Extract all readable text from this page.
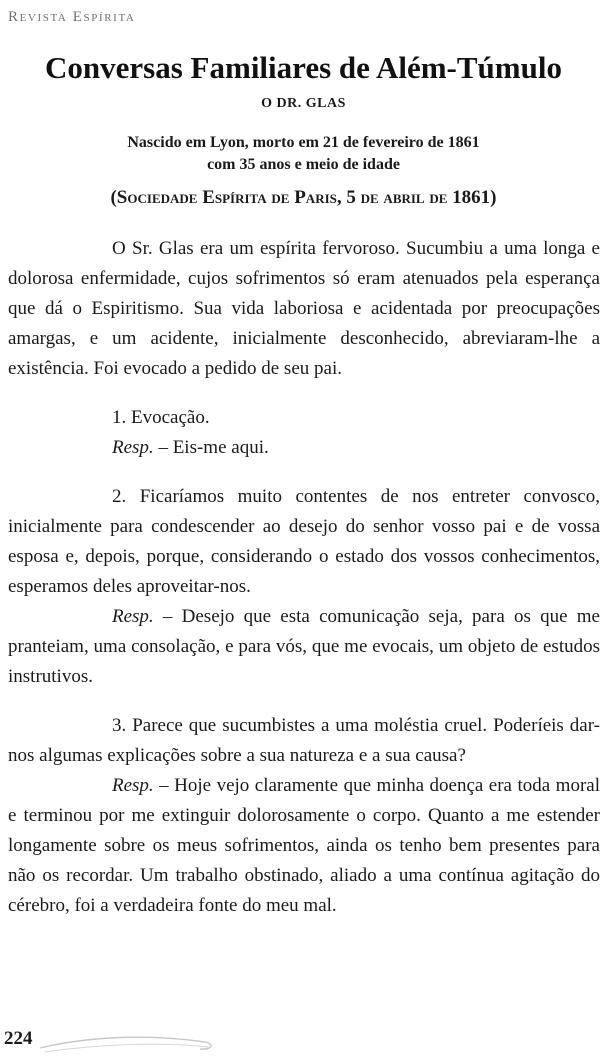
Revista Espírita
Conversas Familiares de Além-Túmulo
O DR. GLAS
Nascido em Lyon, morto em 21 de fevereiro de 1861
com 35 anos e meio de idade
(Sociedade Espírita de Paris, 5 de abril de 1861)

O Sr. Glas era um espírita fervoroso. Sucumbiu a uma longa e dolorosa enfermidade, cujos sofrimentos só eram atenuados pela esperança que dá o Espiritismo. Sua vida laboriosa e acidentada por preocupações amargas, e um acidente, inicialmente desconhecido, abreviaram-lhe a existência. Foi evocado a pedido de seu pai.

1. Evocação.

Resp. – Eis-me aqui.

2. Ficaríamos muito contentes de nos entreter convosco, inicialmente para condescender ao desejo do senhor vosso pai e de vossa esposa e, depois, porque, considerando o estado dos vossos conhecimentos, esperamos deles aproveitar-nos.

Resp. – Desejo que esta comunicação seja, para os que me pranteiam, uma consolação, e para vós, que me evocais, um objeto de estudos instrutivos.

3. Parece que sucumbistes a uma moléstia cruel. Poderíeis dar-nos algumas explicações sobre a sua natureza e a sua causa?

Resp. – Hoje vejo claramente que minha doença era toda moral e terminou por me extinguir dolorosamente o corpo. Quanto a me estender longamente sobre os meus sofrimentos, ainda os tenho bem presentes para não os recordar. Um trabalho obstinado, aliado a uma contínua agitação do cérebro, foi a verdadeira fonte do meu mal.

224
